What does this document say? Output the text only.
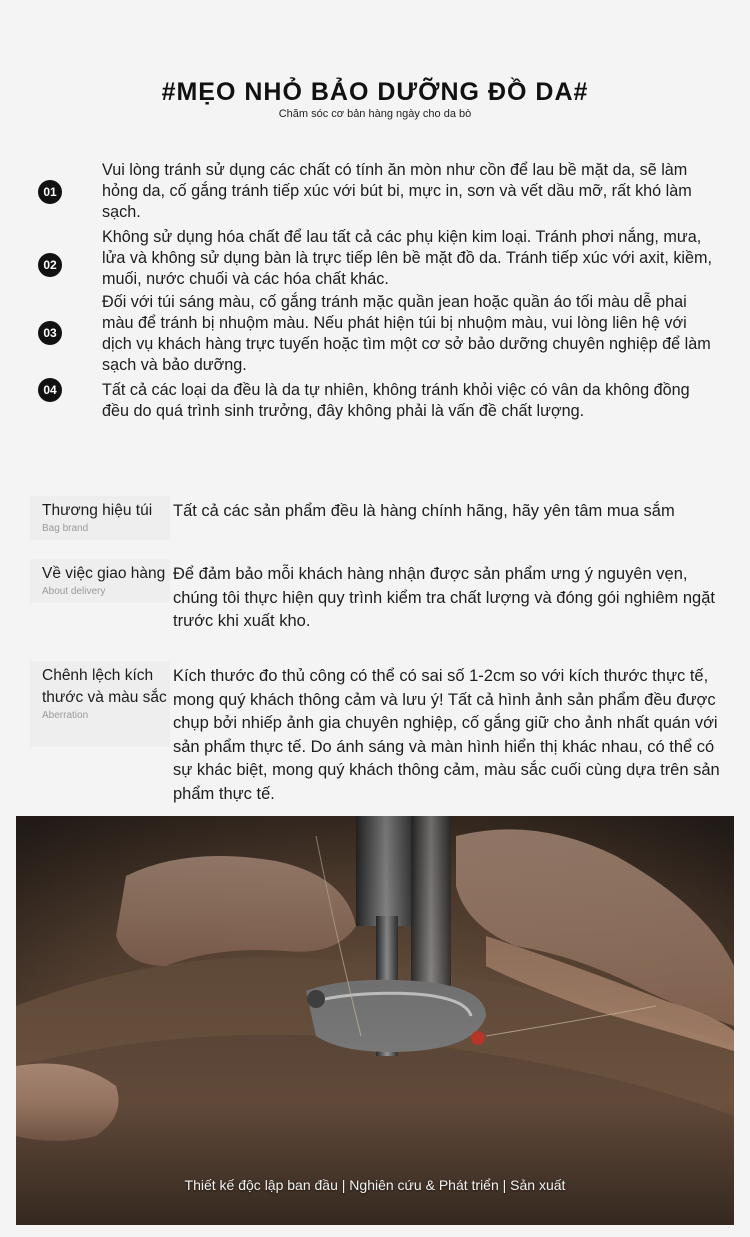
#MẸO NHỎ BẢO DƯỠNG ĐỒ DA#
Chăm sóc cơ bản hàng ngày cho da bò
01
Vui lòng tránh sử dụng các chất có tính ăn mòn như cồn để lau bề mặt da, sẽ làm hỏng da, cố gắng tránh tiếp xúc với bút bi, mực in, sơn và vết dầu mỡ, rất khó làm sạch.
02
Không sử dụng hóa chất để lau tất cả các phụ kiện kim loại. Tránh phơi nắng, mưa, lửa và không sử dụng bàn là trực tiếp lên bề mặt đồ da. Tránh tiếp xúc với axit, kiềm, muối, nước chuối và các hóa chất khác.
03
Đối với túi sáng màu, cố gắng tránh mặc quần jean hoặc quần áo tối màu dễ phai màu để tránh bị nhuộm màu. Nếu phát hiện túi bị nhuộm màu, vui lòng liên hệ với dịch vụ khách hàng trực tuyến hoặc tìm một cơ sở bảo dưỡng chuyên nghiệp để làm sạch và bảo dưỡng.
04	Tất cả các loại da đều là da tự nhiên, không tránh khỏi việc có vân da không đồng đều do quá trình sinh trưởng, đây không phải là vấn đề chất lượng.
Thương hiệu túi
Bag brand
Tất cả các sản phẩm đều là hàng chính hãng, hãy yên tâm mua sắm
Về việc giao hàng
About delivery
Để đảm bảo mỗi khách hàng nhận được sản phẩm ưng ý nguyên vẹn, chúng tôi thực hiện quy trình kiểm tra chất lượng và đóng gói nghiêm ngặt trước khi xuất kho.
Chênh lệch kích thước và màu sắc
Aberration
Kích thước đo thủ công có thể có sai số 1-2cm so với kích thước thực tế, mong quý khách thông cảm và lưu ý! Tất cả hình ảnh sản phẩm đều được chụp bởi nhiếp ảnh gia chuyên nghiệp, cố gắng giữ cho ảnh nhất quán với sản phẩm thực tế. Do ánh sáng và màn hình hiển thị khác nhau, có thể có sự khác biệt, mong quý khách thông cảm, màu sắc cuối cùng dựa trên sản phẩm thực tế.
Thiết kế độc lập ban đầu | Nghiên cứu & Phát triển | Sản xuất
